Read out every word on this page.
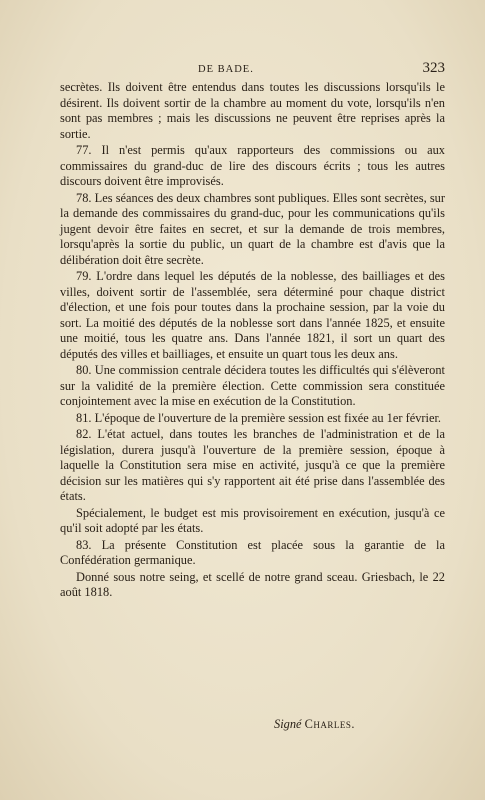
DE BADE.	323

secrètes. Ils doivent être entendus dans toutes les discussions lorsqu'ils le désirent. Ils doivent sortir de la chambre au moment du vote, lorsqu'ils n'en sont pas membres ; mais les discussions ne peuvent être reprises après la sortie.

77. Il n'est permis qu'aux rapporteurs des commissions ou aux commissaires du grand-duc de lire des discours écrits ; tous les autres discours doivent être improvisés.

78. Les séances des deux chambres sont publiques. Elles sont secrètes, sur la demande des commissaires du grand-duc, pour les communications qu'ils jugent devoir être faites en secret, et sur la demande de trois membres, lorsqu'après la sortie du public, un quart de la chambre est d'avis que la délibération doit être secrète.

79. L'ordre dans lequel les députés de la noblesse, des bailliages et des villes, doivent sortir de l'assemblée, sera déterminé pour chaque district d'élection, et une fois pour toutes dans la prochaine session, par la voie du sort. La moitié des députés de la noblesse sort dans l'année 1825, et ensuite une moitié, tous les quatre ans. Dans l'année 1821, il sort un quart des députés des villes et bailliages, et ensuite un quart tous les deux ans.

80. Une commission centrale décidera toutes les difficultés qui s'élèveront sur la validité de la première élection. Cette commission sera constituée conjointement avec la mise en exécution de la Constitution.

81. L'époque de l'ouverture de la première session est fixée au 1er février.

82. L'état actuel, dans toutes les branches de l'administration et de la législation, durera jusqu'à l'ouverture de la première session, époque à laquelle la Constitution sera mise en activité, jusqu'à ce que la première décision sur les matières qui s'y rapportent ait été prise dans l'assemblée des états.

Spécialement, le budget est mis provisoirement en exécution, jusqu'à ce qu'il soit adopté par les états.

83. La présente Constitution est placée sous la garantie de la Confédération germanique.

Donné sous notre seing, et scellé de notre grand sceau. Griesbach, le 22 août 1818.

Signé Charles.
